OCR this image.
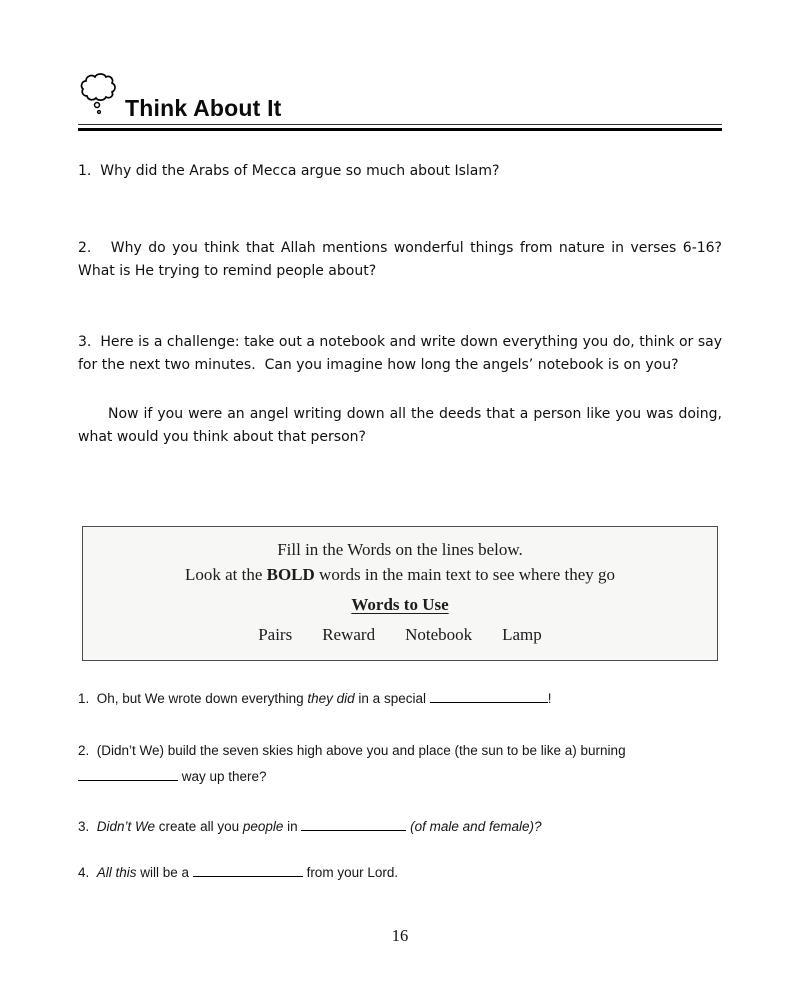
Think About It

1.  Why did the Arabs of Mecca argue so much about Islam?

2.   Why do you think that Allah mentions wonderful things from nature in verses 6-16?
What is He trying to remind people about?

3.  Here is a challenge: take out a notebook and write down everything you do, think or say
for the next two minutes.  Can you imagine how long the angels’ notebook is on you?

Now if you were an angel writing down all the deeds that a person like you was doing,
what would you think about that person?

Fill in the Words on the lines below.
Look at the BOLD words in the main text to see where they go
Words to Use
Pairs Reward Notebook Lamp

1.  Oh, but We wrote down everything they did in a special	!

2.  (Didn’t We) build the seven skies high above you and place (the sun to be like a) burning
way up there?

3.  Didn’t We create all you people in	(of male and female)?

4.  All this will be a	from your Lord.

16
